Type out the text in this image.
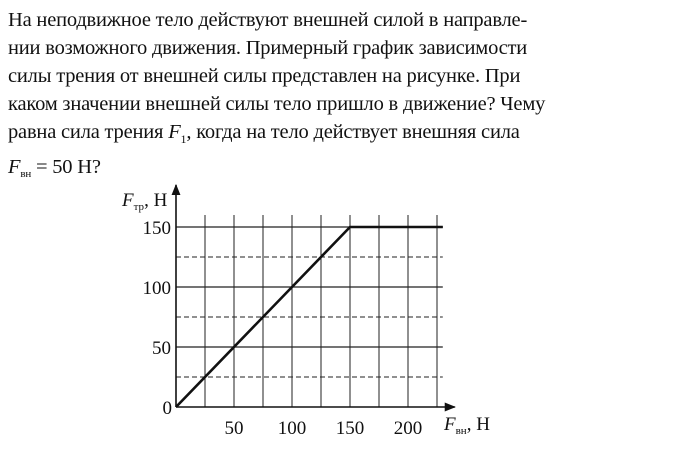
На неподвижное тело действуют внешней силой в направле-

нии возможного движения. Примерный график зависимости

силы трения от внешней силы представлен на рисунке. При

каком значении внешней силы тело пришло в движение? Чему

равна сила трения $F_1$, когда на тело действует внешняя сила

Fвн = 50 Н?

50 100 150 200
50
100
150
0
$F_{тр}$, Н
$F_{вн}$, Н
